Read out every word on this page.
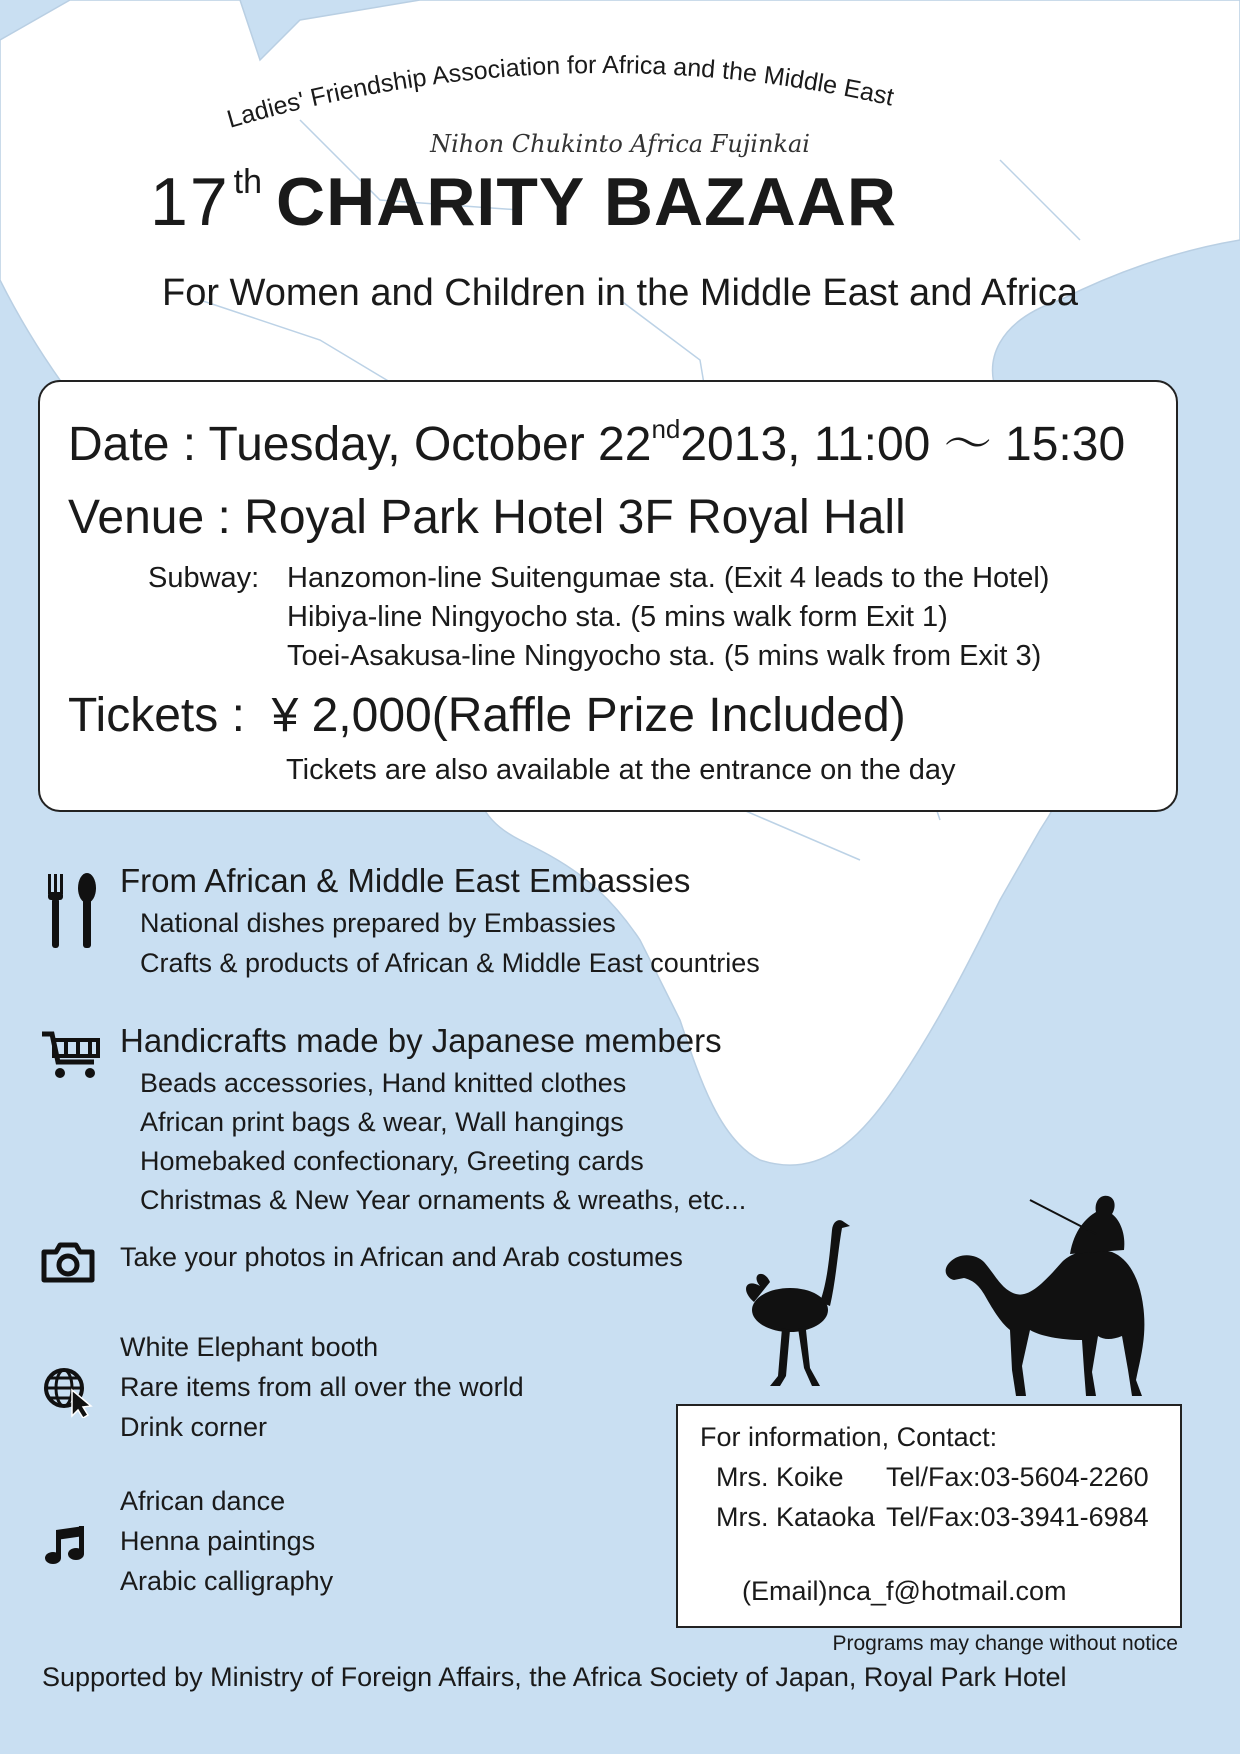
Ladies' Friendship Association for Africa and the Middle East
Nihon Chukinto Africa Fujinkai
17 $^{th}$ CHARITY BAZAAR
For Women and Children in the Middle East and Africa
Date : Tuesday, October 22nd2013, 11:00 ～ 15:30
Venue : Royal Park Hotel 3F Royal Hall
Subway: Hanzomon-line Suitengumae sta. (Exit 4 leads to the Hotel)
Hibiya-line Ningyocho sta. (5 mins walk form Exit 1)
Toei-Asakusa-line Ningyocho sta. (5 mins walk from Exit 3)
Tickets : ¥ 2,000(Raffle Prize Included)
Tickets are also available at the entrance on the day
From African & Middle East Embassies
National dishes prepared by Embassies
Crafts & products of African & Middle East countries
Handicrafts made by Japanese members
Beads accessories, Hand knitted clothes
African print bags & wear, Wall hangings
Homebaked confectionary, Greeting cards
Christmas & New Year ornaments & wreaths, etc...
Take your photos in African and Arab costumes
White Elephant booth
Rare items from all over the world
Drink corner
African dance
Henna paintings
Arabic calligraphy
For information, Contact:
Mrs. Koike Tel/Fax:03-5604-2260
Mrs. Kataoka Tel/Fax:03-3941-6984
(Email)nca_f@hotmail.com
Programs may change without notice
Supported by Ministry of Foreign Affairs, the Africa Society of Japan, Royal Park Hotel
